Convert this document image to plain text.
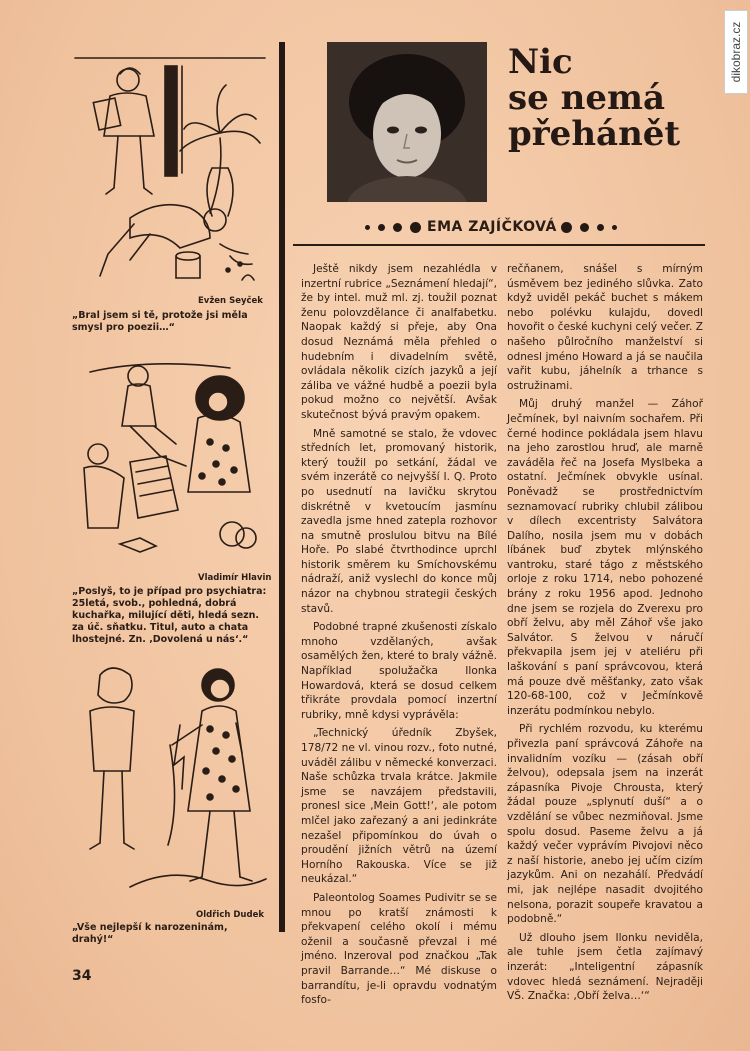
dikobraz.cz
Evžen Seyček
„Bral jsem si tě, protože jsi měla smysl pro poezii…“
Vladimír Hlavin
„Poslyš, to je případ pro psychiatra: 25letá, svob., pohledná, dobrá kuchařka, milující děti, hledá sezn. za úč. sňatku. Titul, auto a chata lhostejné. Zn. ‚Dovolená u nás‘.“
Oldřich Dudek
„Vše nejlepší k narozeninám, drahý!“
Nic
se nemá
přehánět
EMA ZAJÍČKOVÁ

Ještě nikdy jsem nezahlédla v inzertní rubrice „Seznámení hledají“, že by intel. muž ml. zj. toužil poznat ženu polovzdělance či analfabetku. Naopak každý si přeje, aby Ona dosud Neznámá měla přehled o hudebním i divadelním světě, ovládala několik cizích jazyků a její záliba ve vážné hudbě a poezii byla pokud možno co největší. Avšak skutečnost bývá pravým opakem.

Mně samotné se stalo, že vdovec středních let, promovaný historik, který toužil po setkání, žádal ve svém inzerátě co nejvyšší I. Q. Proto po usednutí na lavičku skrytou diskrétně v kvetoucím jasmínu zavedla jsme hned zatepla rozhovor na smutně proslulou bitvu na Bílé Hoře. Po slabé čtvrthodince uprchl historik směrem ku Smíchovskému nádraží, aniž vyslechl do konce můj názor na chybnou strategii českých stavů.

Podobné trapné zkušenosti získalo mnoho vzdělaných, avšak osamělých žen, které to braly vážně. Například spolužačka Ilonka Howardová, která se dosud celkem třikráte provdala pomocí inzertní rubriky, mně kdysi vyprávěla:

„Technický úředník Zbyšek, 178/72 ne vl. vinou rozv., foto nutné, uváděl zálibu v německé konverzaci. Naše schůzka trvala krátce. Jakmile jsme se navzájem představili, pronesl sice ‚Mein Gott!‘, ale potom mlčel jako zařezaný a ani jedinkráte nezašel připomínkou do úvah o proudění jižních větrů na území Horního Rakouska. Více se již neukázal.“

Paleontolog Soames Pudivitr se se mnou po kratší známosti k překvapení celého okolí i mému oženil a současně převzal i mé jméno. Inzeroval pod značkou „Tak pravil Barrande…“ Mé diskuse o barrandítu, je-li opravdu vodnatým fosfo-

rečňanem, snášel s mírným úsměvem bez jediného slůvka. Zato když uviděl pekáč buchet s mákem nebo polévku kulajdu, dovedl hovořit o české kuchyni celý večer. Z našeho půlročního manželství si odnesl jméno Howard a já se naučila vařit kubu, jáhelník a trhance s ostružinami.

Můj druhý manžel — Záhoř Ječmínek, byl naivním sochařem. Při černé hodince pokládala jsem hlavu na jeho zarostlou hruď, ale marně zaváděla řeč na Josefa Myslbeka a ostatní. Ječmínek obvykle usínal. Poněvadž se prostřednictvím seznamovací rubriky chlubil zálibou v dílech excentristy Salvátora Dalího, nosila jsem mu v dobách líbánek buď zbytek mlýnského vantroku, staré tágo z městského orloje z roku 1714, nebo pohozené brány z roku 1956 apod. Jednoho dne jsem se rozjela do Zverexu pro obří želvu, aby měl Záhoř vše jako Salvátor. S želvou v náručí překvapila jsem jej v ateliéru při laškování s paní správcovou, která má pouze dvě měšťanky, zato však 120-68-100, což v Ječmínkově inzerátu podmínkou nebylo.

Při rychlém rozvodu, ku kterému přivezla paní správcová Záhoře na invalidním vozíku — (zásah obří želvou), odepsala jsem na inzerát zápasníka Pivoje Chrousta, který žádal pouze „splynutí duší“ a o vzdělání se vůbec nezmiňoval. Jsme spolu dosud. Paseme želvu a já každý večer vyprávím Pivojovi něco z naší historie, anebo jej učím cizím jazykům. Ani on nezahálí. Předvádí mi, jak nejlépe nasadit dvojitého nelsona, porazit soupeře kravatou a podobně.“

Už dlouho jsem Ilonku neviděla, ale tuhle jsem četla zajímavý inzerát: „Inteligentní zápasník vdovec hledá seznámení. Nejraději VŠ. Značka: ‚Obří želva…‘“

34
